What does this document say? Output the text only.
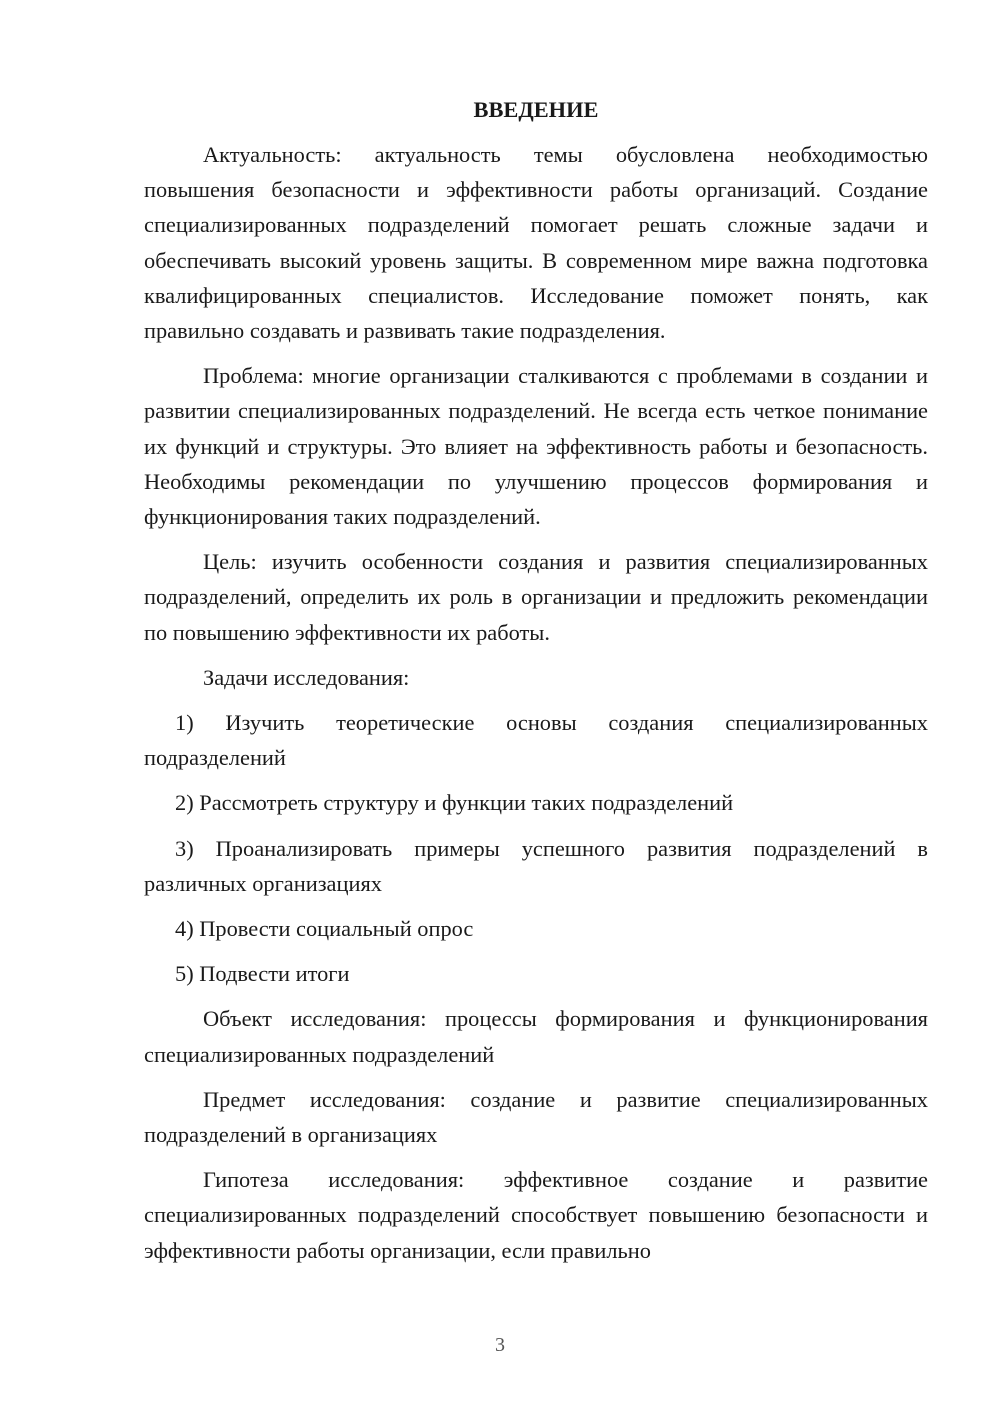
ВВЕДЕНИЕ
Актуальность: актуальность темы обусловлена необходимостью повышения безопасности и эффективности работы организаций. Создание специализированных подразделений помогает решать сложные задачи и обеспечивать высокий уровень защиты. В современном мире важна подготовка квалифицированных специалистов. Исследование поможет понять, как правильно создавать и развивать такие подразделения.
Проблема: многие организации сталкиваются с проблемами в создании и развитии специализированных подразделений. Не всегда есть четкое понимание их функций и структуры. Это влияет на эффективность работы и безопасность. Необходимы рекомендации по улучшению процессов формирования и функционирования таких подразделений.
Цель: изучить особенности создания и развития специализированных подразделений, определить их роль в организации и предложить рекомендации по повышению эффективности их работы.
Задачи исследования:
1) Изучить теоретические основы создания специализированных подразделений
2) Рассмотреть структуру и функции таких подразделений
3) Проанализировать примеры успешного развития подразделений в различных организациях
4) Провести социальный опрос
5) Подвести итоги
Объект исследования: процессы формирования и функционирования специализированных подразделений
Предмет исследования: создание и развитие специализированных подразделений в организациях
Гипотеза исследования: эффективное создание и развитие специализированных подразделений способствует повышению безопасности и эффективности работы организации, если правильно
3
